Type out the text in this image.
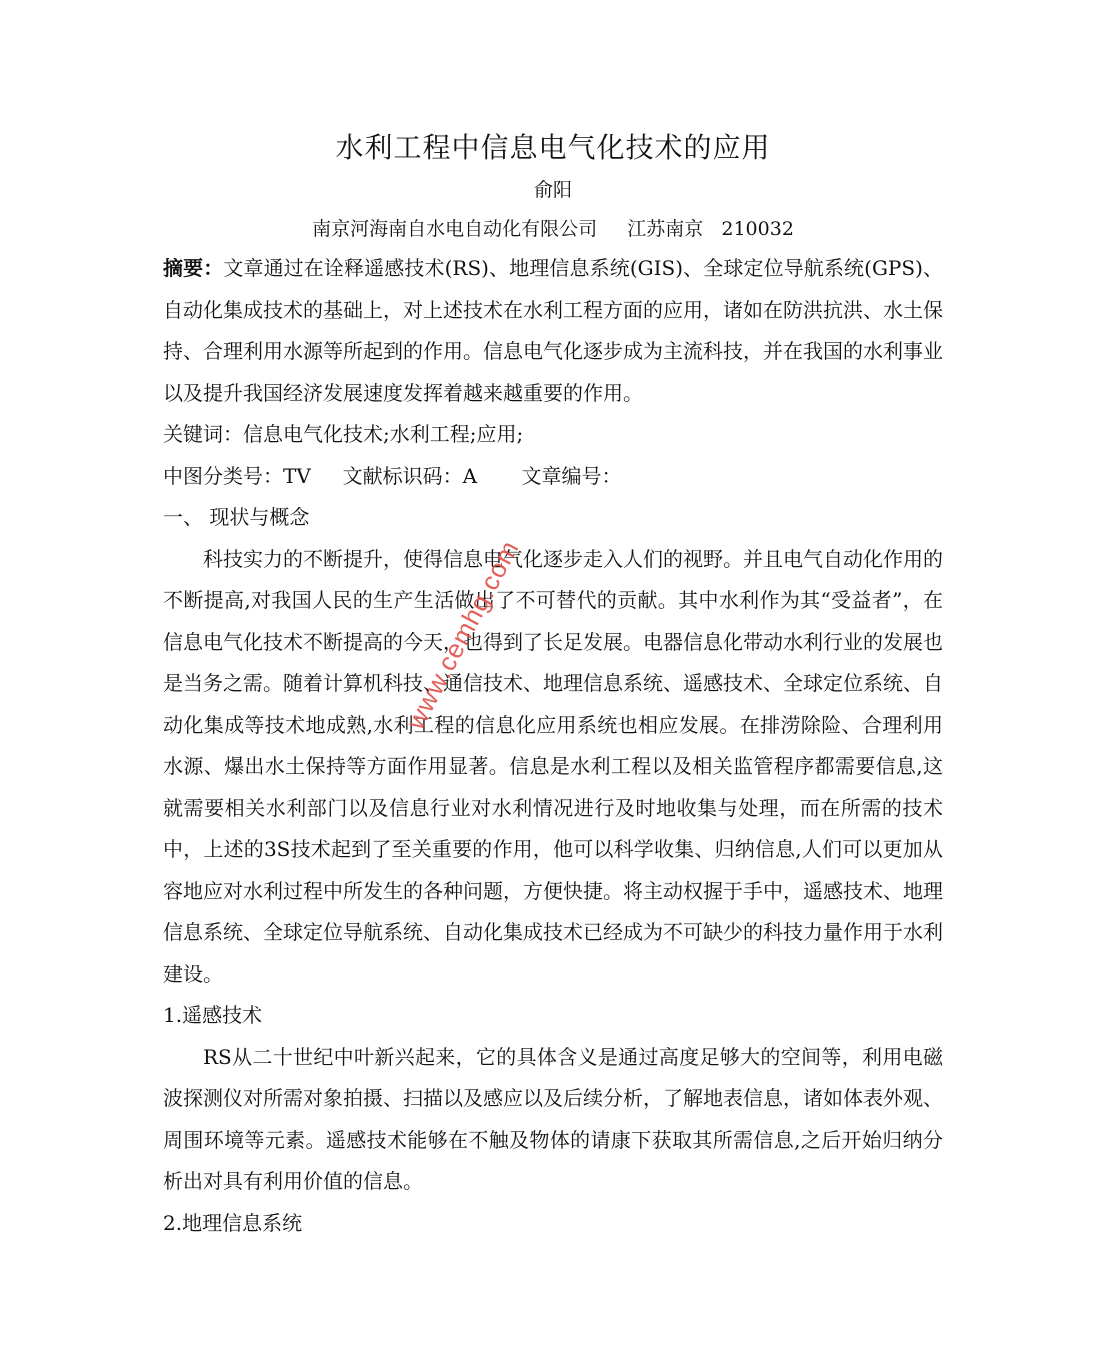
水利工程中信息电气化技术的应用
俞阳
南京河海南自水电自动化有限公司     江苏南京   210032

摘要：文章通过在诠释遥感技术(RS)、地理信息系统(GIS)、全球定位导航系统(GPS)、自动化集成技术的基础上，对上述技术在水利工程方面的应用，诸如在防洪抗洪、水土保持、合理利用水源等所起到的作用。信息电气化逐步成为主流科技，并在我国的水利事业以及提升我国经济发展速度发挥着越来越重要的作用。

关键词：信息电气化技术;水利工程;应用;
中图分类号：TV     文献标识码：A       文章编号：
一、 现状与概念

科技实力的不断提升，使得信息电气化逐步走入人们的视野。并且电气自动化作用的不断提高,对我国人民的生产生活做出了不可替代的贡献。其中水利作为其“受益者”，在信息电气化技术不断提高的今天，也得到了长足发展。电器信息化带动水利行业的发展也是当务之需。随着计算机科技、通信技术、地理信息系统、遥感技术、全球定位系统、自动化集成等技术地成熟,水利工程的信息化应用系统也相应发展。在排涝除险、合理利用水源、爆出水土保持等方面作用显著。信息是水利工程以及相关监管程序都需要信息,这就需要相关水利部门以及信息行业对水利情况进行及时地收集与处理，而在所需的技术中，上述的3S技术起到了至关重要的作用，他可以科学收集、归纳信息,人们可以更加从容地应对水利过程中所发生的各种问题，方便快捷。将主动权握于手中，遥感技术、地理信息系统、全球定位导航系统、自动化集成技术已经成为不可缺少的科技力量作用于水利建设。

1.遥感技术

RS从二十世纪中叶新兴起来，它的具体含义是通过高度足够大的空间等，利用电磁波探测仪对所需对象拍摄、扫描以及感应以及后续分析，了解地表信息，诸如体表外观、周围环境等元素。遥感技术能够在不触及物体的请康下获取其所需信息,之后开始归纳分析出对具有利用价值的信息。

2.地理信息系统
www.cemhg.com
